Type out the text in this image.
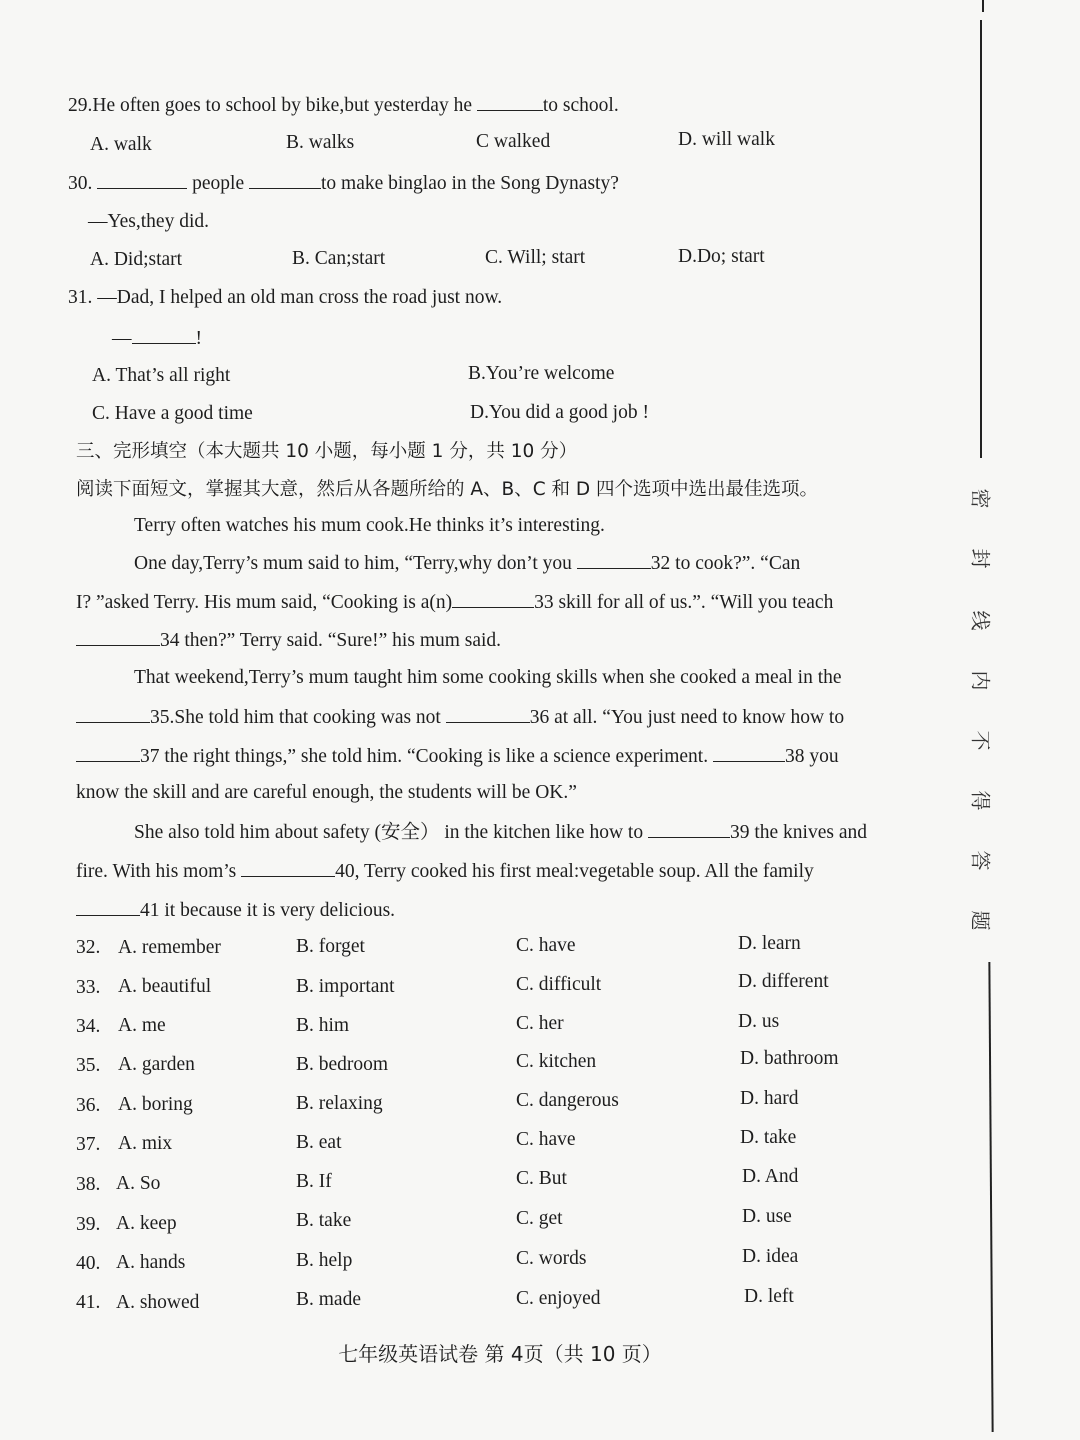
29.He often goes to school by bike,but yesterday he	to school.
A. walk	B. walks	C walked	D. will walk
30.	people	to make binglao in the Song Dynasty?
—Yes,they did.
A. Did;start	B. Can;start	C. Will; start	D.Do; start
31. —Dad, I helped an old man cross the road just now.
—	!
A. That’s all right	B.You’re welcome
C. Have a good time	D.You did a good job !
三、完形填空（本大题共 10 小题，每小题 1 分，共 10 分）
阅读下面短文，掌握其大意，然后从各题所给的 A、B、C 和 D 四个选项中选出最佳选项。
Terry often watches his mum cook.He thinks it’s interesting.
One day,Terry’s mum said to him, “Terry,why don’t you	32 to cook?”. “Can
I? ”asked Terry. His mum said, “Cooking is a(n)	33 skill for all of us.”. “Will you teach
34 then?” Terry said. “Sure!” his mum said.
That weekend,Terry’s mum taught him some cooking skills when she cooked a meal in the
35.She told him that cooking was not	36 at all. “You just need to know how to
37 the right things,” she told him. “Cooking is like a science experiment.	38 you
know the skill and are careful enough, the students will be OK.”
She also told him about safety (安全） in the kitchen like how to	39 the knives and
fire. With his mom’s	40, Terry cooked his first meal:vegetable soup. All the family
41 it because it is very delicious.
32. A. remember	B. forget	C. have	D. learn
33. A. beautiful	B. important	C. difficult	D. different
34. A. me	B. him	C. her	D. us
35. A. garden	B. bedroom	C. kitchen	D. bathroom
36. A. boring	B. relaxing	C. dangerous	D. hard
37. A. mix	B. eat	C. have	D. take
38. A. So	B. If	C. But	D. And
39. A. keep	B. take	C. get	D. use
40. A. hands	B. help	C. words	D. idea
41. A. showed	B. made	C. enjoyed	D. left
七年级英语试卷 第 4页（共 10 页）
密
封
线
内
不
得
答
题
